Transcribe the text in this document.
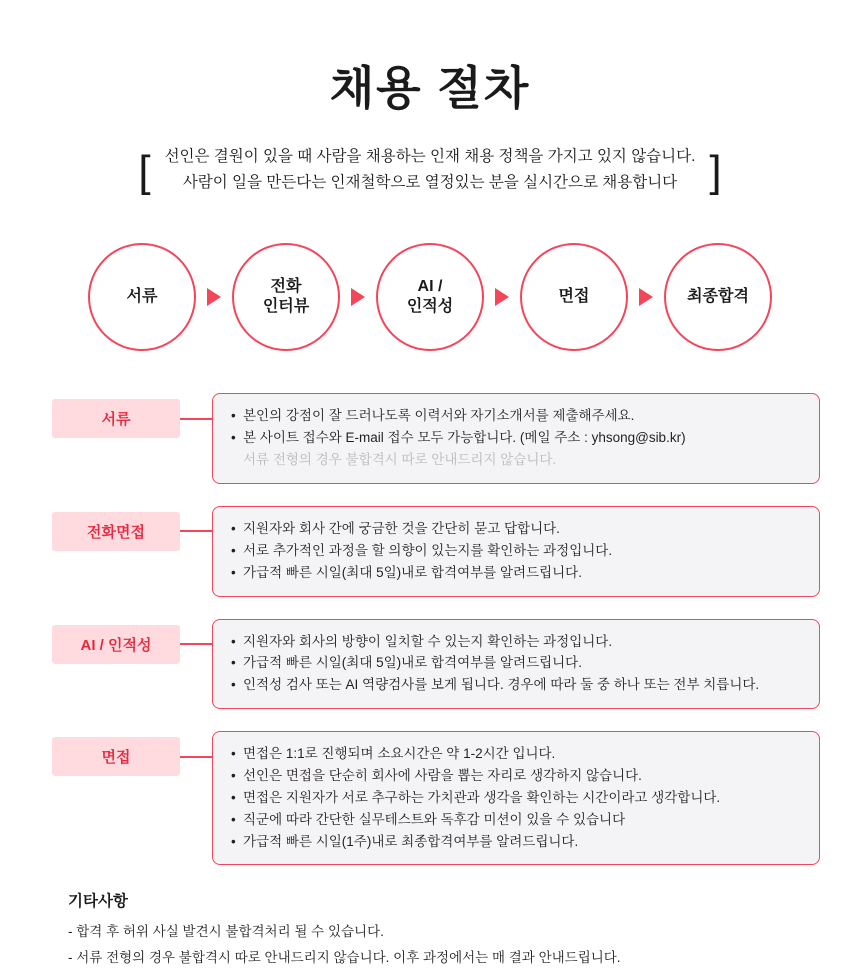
채용 절차
[ 선인은 결원이 있을 때 사람을 채용하는 인재 채용 정책을 가지고 있지 않습니다.
사람이 일을 만든다는 인재철학으로 열정있는 분을 실시간으로 채용합니다 ]
서류
전화
인터뷰
AI /
인적성
면접	최종합격
서류	• 본인의 강점이 잘 드러나도록 이력서와 자기소개서를 제출해주세요.
• 본 사이트 접수와 E-mail 접수 모두 가능합니다. (메일 주소 : yhsong@sib.kr)
서류 전형의 경우 불합격시 따로 안내드리지 않습니다.
전화면접	• 지원자와 회사 간에 궁금한 것을 간단히 묻고 답합니다.
• 서로 추가적인 과정을 할 의향이 있는지를 확인하는 과정입니다.
• 가급적 빠른 시일(최대 5일)내로 합격여부를 알려드립니다.
AI / 인적성	• 지원자와 회사의 방향이 일치할 수 있는지 확인하는 과정입니다.
• 가급적 빠른 시일(최대 5일)내로 합격여부를 알려드립니다.
• 인적성 검사 또는 AI 역량검사를 보게 됩니다. 경우에 따라 둘 중 하나 또는 전부 치릅니다.
면접	• 면접은 1:1로 진행되며 소요시간은 약 1-2시간 입니다.
• 선인은 면접을 단순히 회사에 사람을 뽑는 자리로 생각하지 않습니다.
• 면접은 지원자가 서로 추구하는 가치관과 생각을 확인하는 시간이라고 생각합니다.
• 직군에 따라 간단한 실무테스트와 독후감 미션이 있을 수 있습니다
• 가급적 빠른 시일(1주)내로 최종합격여부를 알려드립니다.
기타사항

- 합격 후 허위 사실 발견시 불합격처리 될 수 있습니다.

- 서류 전형의 경우 불합격시 따로 안내드리지 않습니다. 이후 과정에서는 매 결과 안내드립니다.
